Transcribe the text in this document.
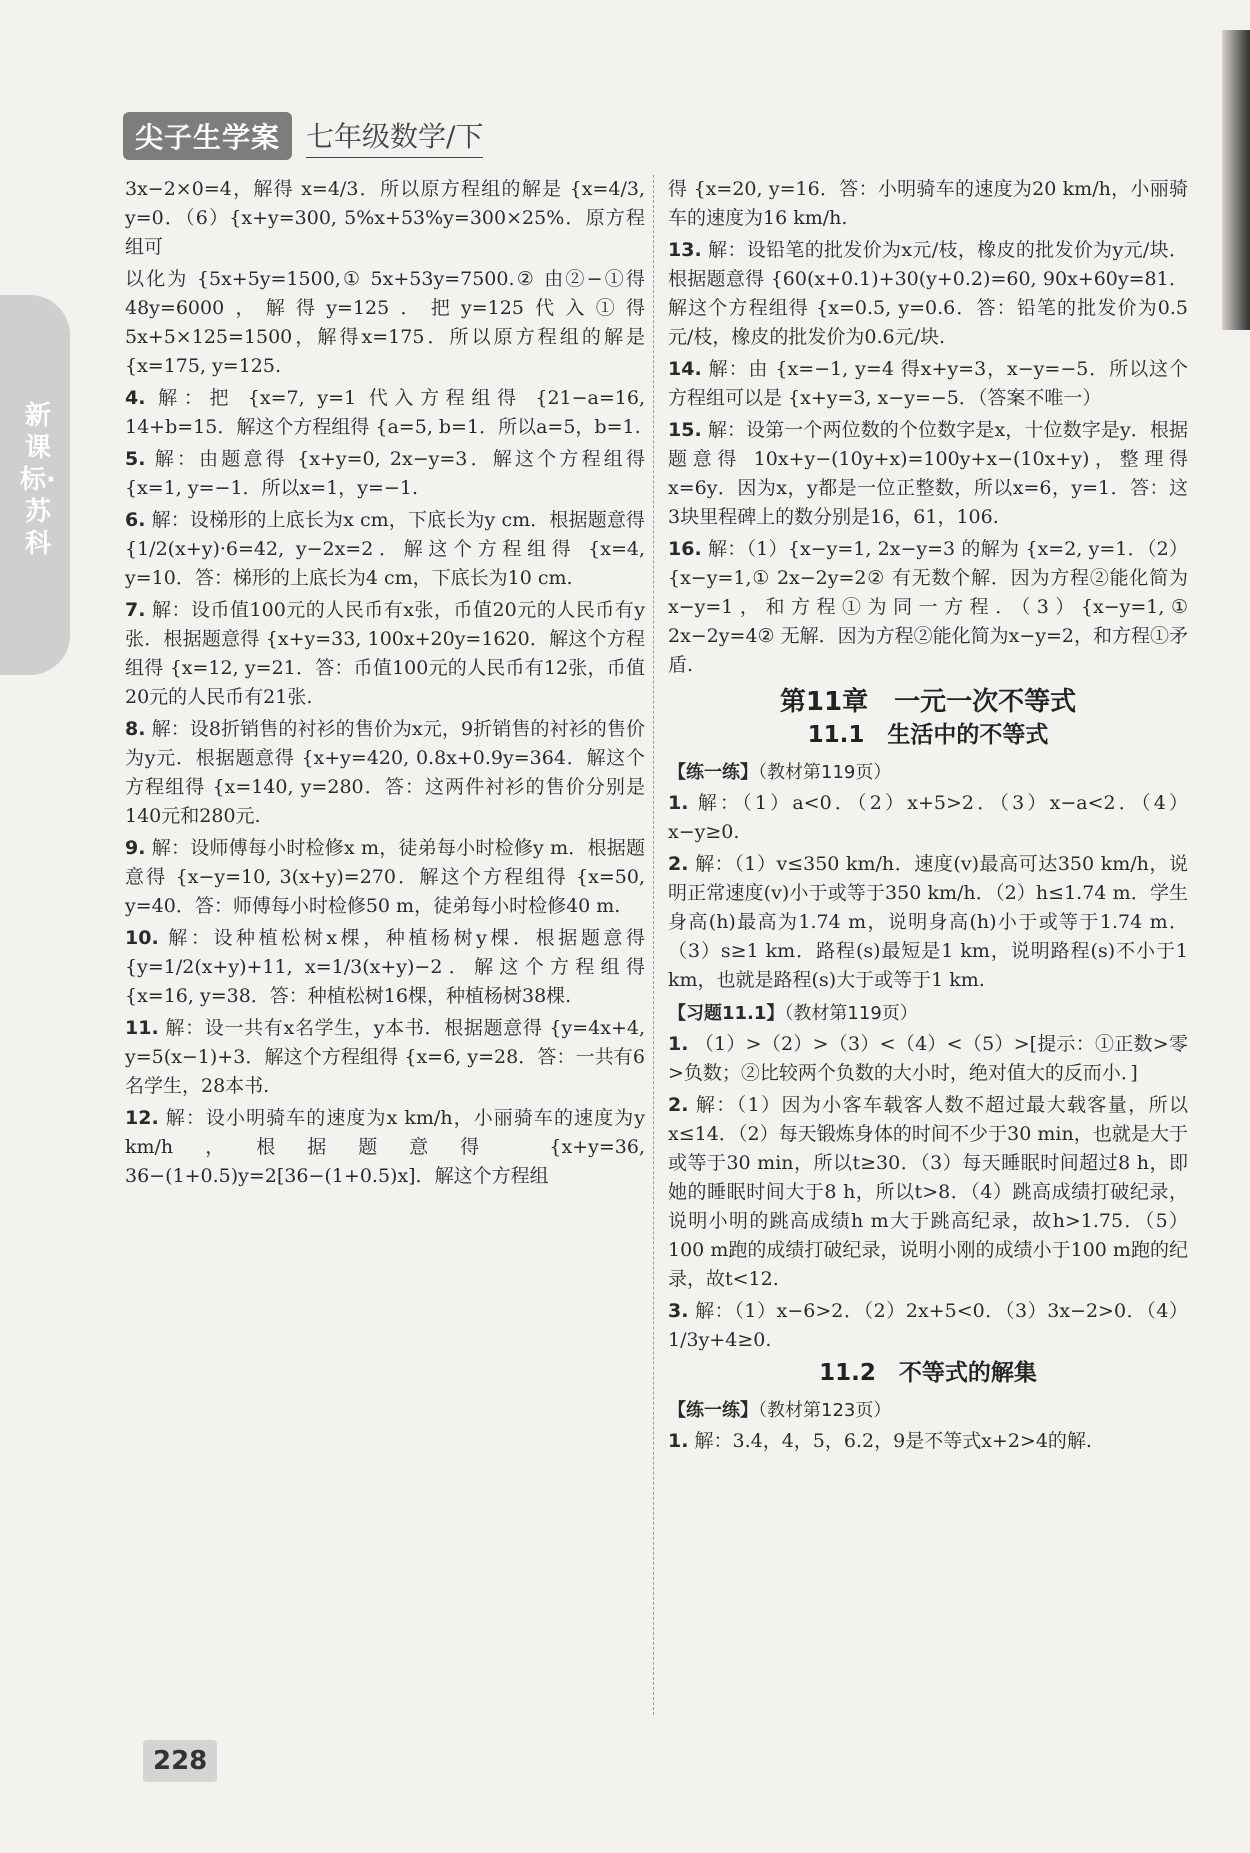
尖子生学案 七年级数学/下
新课标·苏科

3x−2×0=4，解得 x=4/3．所以原方程组的解是 {x=4/3, y=0．（6）{x+y=300, 5%x+53%y=300×25%．原方程组可

以化为 {5x+5y=1500,① 5x+53y=7500.② 由②−①得48y=6000，解得y=125．把y=125代入①得5x+5×125=1500，解得x=175．所以原方程组的解是 {x=175, y=125.

4. 解：把 {x=7, y=1 代入方程组得 {21−a=16, 14+b=15．解这个方程组得 {a=5, b=1．所以a=5，b=1.

5. 解：由题意得 {x+y=0, 2x−y=3．解这个方程组得 {x=1, y=−1．所以x=1，y=−1.

6. 解：设梯形的上底长为x cm，下底长为y cm．根据题意得 {1/2(x+y)·6=42, y−2x=2．解这个方程组得 {x=4, y=10．答：梯形的上底长为4 cm，下底长为10 cm.

7. 解：设币值100元的人民币有x张，币值20元的人民币有y张．根据题意得 {x+y=33, 100x+20y=1620．解这个方程组得 {x=12, y=21．答：币值100元的人民币有12张，币值20元的人民币有21张.

8. 解：设8折销售的衬衫的售价为x元，9折销售的衬衫的售价为y元．根据题意得 {x+y=420, 0.8x+0.9y=364．解这个方程组得 {x=140, y=280．答：这两件衬衫的售价分别是140元和280元.

9. 解：设师傅每小时检修x m，徒弟每小时检修y m．根据题意得 {x−y=10, 3(x+y)=270．解这个方程组得 {x=50, y=40．答：师傅每小时检修50 m，徒弟每小时检修40 m.

10. 解：设种植松树x棵，种植杨树y棵．根据题意得 {y=1/2(x+y)+11, x=1/3(x+y)−2．解这个方程组得 {x=16, y=38．答：种植松树16棵，种植杨树38棵.

11. 解：设一共有x名学生，y本书．根据题意得 {y=4x+4, y=5(x−1)+3．解这个方程组得 {x=6, y=28．答：一共有6名学生，28本书.

12. 解：设小明骑车的速度为x km/h，小丽骑车的速度为y km/h，根据题意得 {x+y=36, 36−(1+0.5)y=2[36−(1+0.5)x]．解这个方程组

得 {x=20, y=16．答：小明骑车的速度为20 km/h，小丽骑车的速度为16 km/h.

13. 解：设铅笔的批发价为x元/枝，橡皮的批发价为y元/块．根据题意得 {60(x+0.1)+30(y+0.2)=60, 90x+60y=81．解这个方程组得 {x=0.5, y=0.6．答：铅笔的批发价为0.5元/枝，橡皮的批发价为0.6元/块.

14. 解：由 {x=−1, y=4 得x+y=3，x−y=−5．所以这个方程组可以是 {x+y=3, x−y=−5．（答案不唯一）

15. 解：设第一个两位数的个位数字是x，十位数字是y．根据题意得 10x+y−(10y+x)=100y+x−(10x+y)，整理得x=6y．因为x，y都是一位正整数，所以x=6，y=1．答：这3块里程碑上的数分别是16，61，106.

16. 解：（1）{x−y=1, 2x−y=3 的解为 {x=2, y=1．（2）{x−y=1,① 2x−2y=2② 有无数个解．因为方程②能化简为x−y=1，和方程①为同一方程．（3）{x−y=1,① 2x−2y=4② 无解．因为方程②能化简为x−y=2，和方程①矛盾.

第11章　一元一次不等式
11.1　生活中的不等式
【练一练】（教材第119页）

1. 解：（1）a<0．（2）x+5>2．（3）x−a<2．（4）x−y≥0.

2. 解：（1）v≤350 km/h．速度(v)最高可达350 km/h，说明正常速度(v)小于或等于350 km/h．（2）h≤1.74 m．学生身高(h)最高为1.74 m，说明身高(h)小于或等于1.74 m．（3）s≥1 km．路程(s)最短是1 km，说明路程(s)不小于1 km，也就是路程(s)大于或等于1 km.

【习题11.1】（教材第119页）

1. （1）>（2）>（3）<（4）<（5）>[提示：①正数>零>负数；②比较两个负数的大小时，绝对值大的反而小．]

2. 解：（1）因为小客车载客人数不超过最大载客量，所以x≤14．（2）每天锻炼身体的时间不少于30 min，也就是大于或等于30 min，所以t≥30．（3）每天睡眠时间超过8 h，即她的睡眠时间大于8 h，所以t>8．（4）跳高成绩打破纪录，说明小明的跳高成绩h m大于跳高纪录，故h>1.75．（5）100 m跑的成绩打破纪录，说明小刚的成绩小于100 m跑的纪录，故t<12.

3. 解：（1）x−6>2．（2）2x+5<0．（3）3x−2>0．（4）1/3y+4≥0.

11.2　不等式的解集
【练一练】（教材第123页）

1. 解：3.4，4，5，6.2，9是不等式x+2>4的解.

228
